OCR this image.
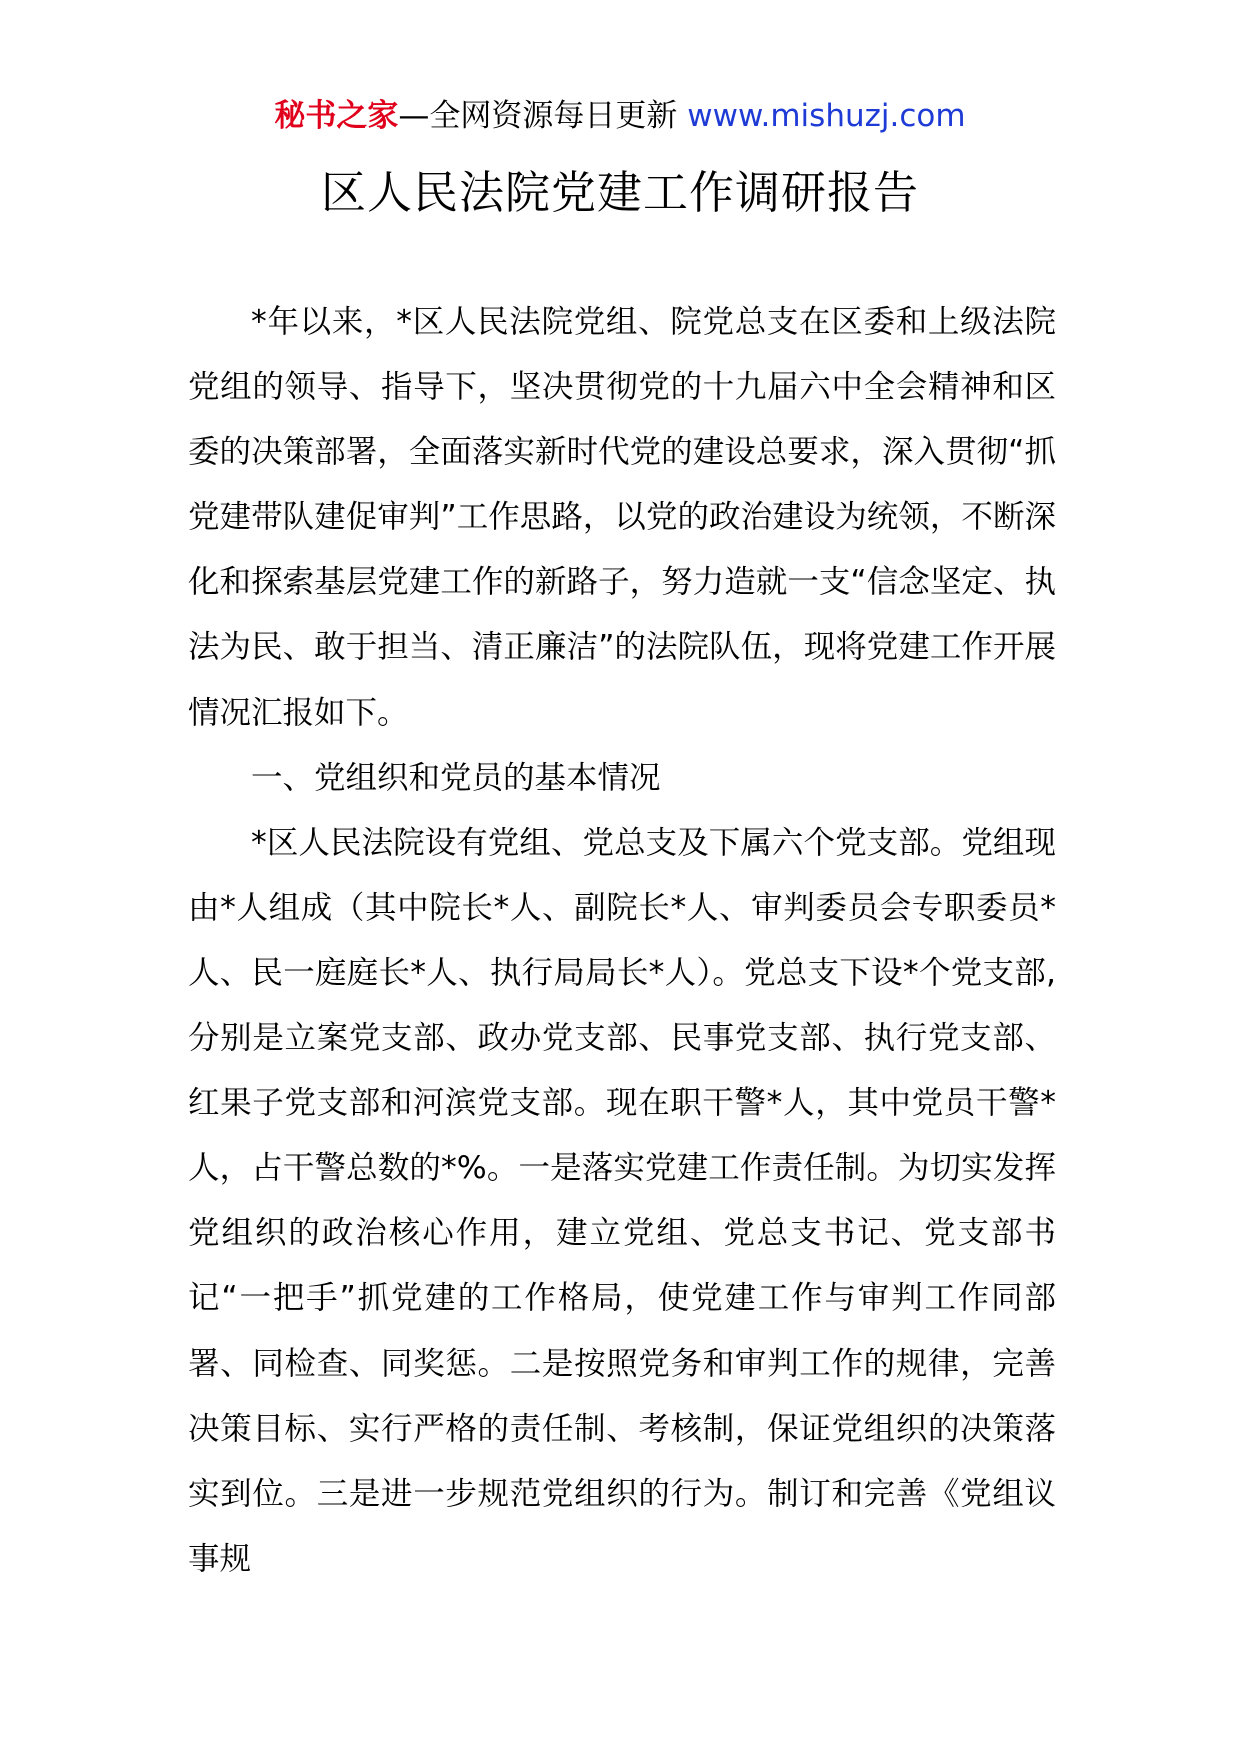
秘书之家—全网资源每日更新 www.mishuzj.com
区人民法院党建工作调研报告

*年以来，*区人民法院党组、院党总支在区委和上级法院党组的领导、指导下，坚决贯彻党的十九届六中全会精神和区委的决策部署，全面落实新时代党的建设总要求，深入贯彻“抓党建带队建促审判”工作思路，以党的政治建设为统领，不断深化和探索基层党建工作的新路子，努力造就一支“信念坚定、执法为民、敢于担当、清正廉洁”的法院队伍，现将党建工作开展情况汇报如下。

一、党组织和党员的基本情况

*区人民法院设有党组、党总支及下属六个党支部。党组现由*人组成（其中院长*人、副院长*人、审判委员会专职委员*人、民一庭庭长*人、执行局局长*人）。党总支下设*个党支部,分别是立案党支部、政办党支部、民事党支部、执行党支部、红果子党支部和河滨党支部。现在职干警*人，其中党员干警*人，占干警总数的*%。一是落实党建工作责任制。为切实发挥党组织的政治核心作用，建立党组、党总支书记、党支部书记“一把手”抓党建的工作格局，使党建工作与审判工作同部署、同检查、同奖惩。二是按照党务和审判工作的规律，完善决策目标、实行严格的责任制、考核制，保证党组织的决策落实到位。三是进一步规范党组织的行为。制订和完善《党组议事规
